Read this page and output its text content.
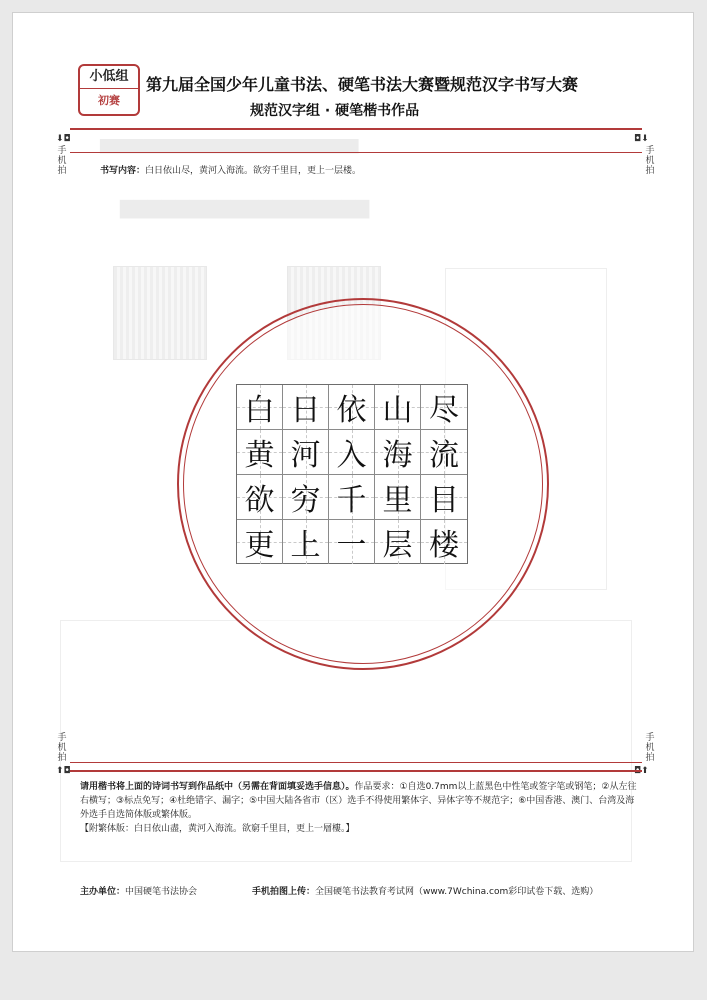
▇▇▇▇▇▇▇▇▇▇▇▇▇▇▇▇▇▇▇▇▇▇▇▇
▇▇▇▇▇▇▇▇▇▇▇▇▇▇▇▇▇▇
小低组
初赛
第九届全国少年儿童书法、硬笔书法大赛暨规范汉字书写大赛
规范汉字组 · 硬笔楷书作品
⬇◘
手机拍
◘⬇
手机拍
手机拍
⬆◘
手机拍
◘⬆
书写内容：白日依山尽，黄河入海流。欲穷千里目，更上一层楼。
白 日 依 山 尽
黄 河 入 海 流
欲 穷 千 里 目
更 上 一 层 楼
请用楷书将上面的诗词书写到作品纸中（另需在背面填妥选手信息）。作品要求：①自选0.7mm以上蓝黑色中性笔或签字笔或钢笔；②从左往右横写；③标点免写；④杜绝错字、漏字；⑤中国大陆各省市（区）选手不得使用繁体字、异体字等不规范字；⑥中国香港、澳门、台湾及海外选手自选简体版或繁体版。
【附繁体版：白日依山盡，黄河入海流。欲窮千里目，更上一層樓。】
主办单位：中国硬笔书法协会	手机拍图上传：全国硬笔书法教育考试网（www.7Wchina.com彩印试卷下载、选购）
